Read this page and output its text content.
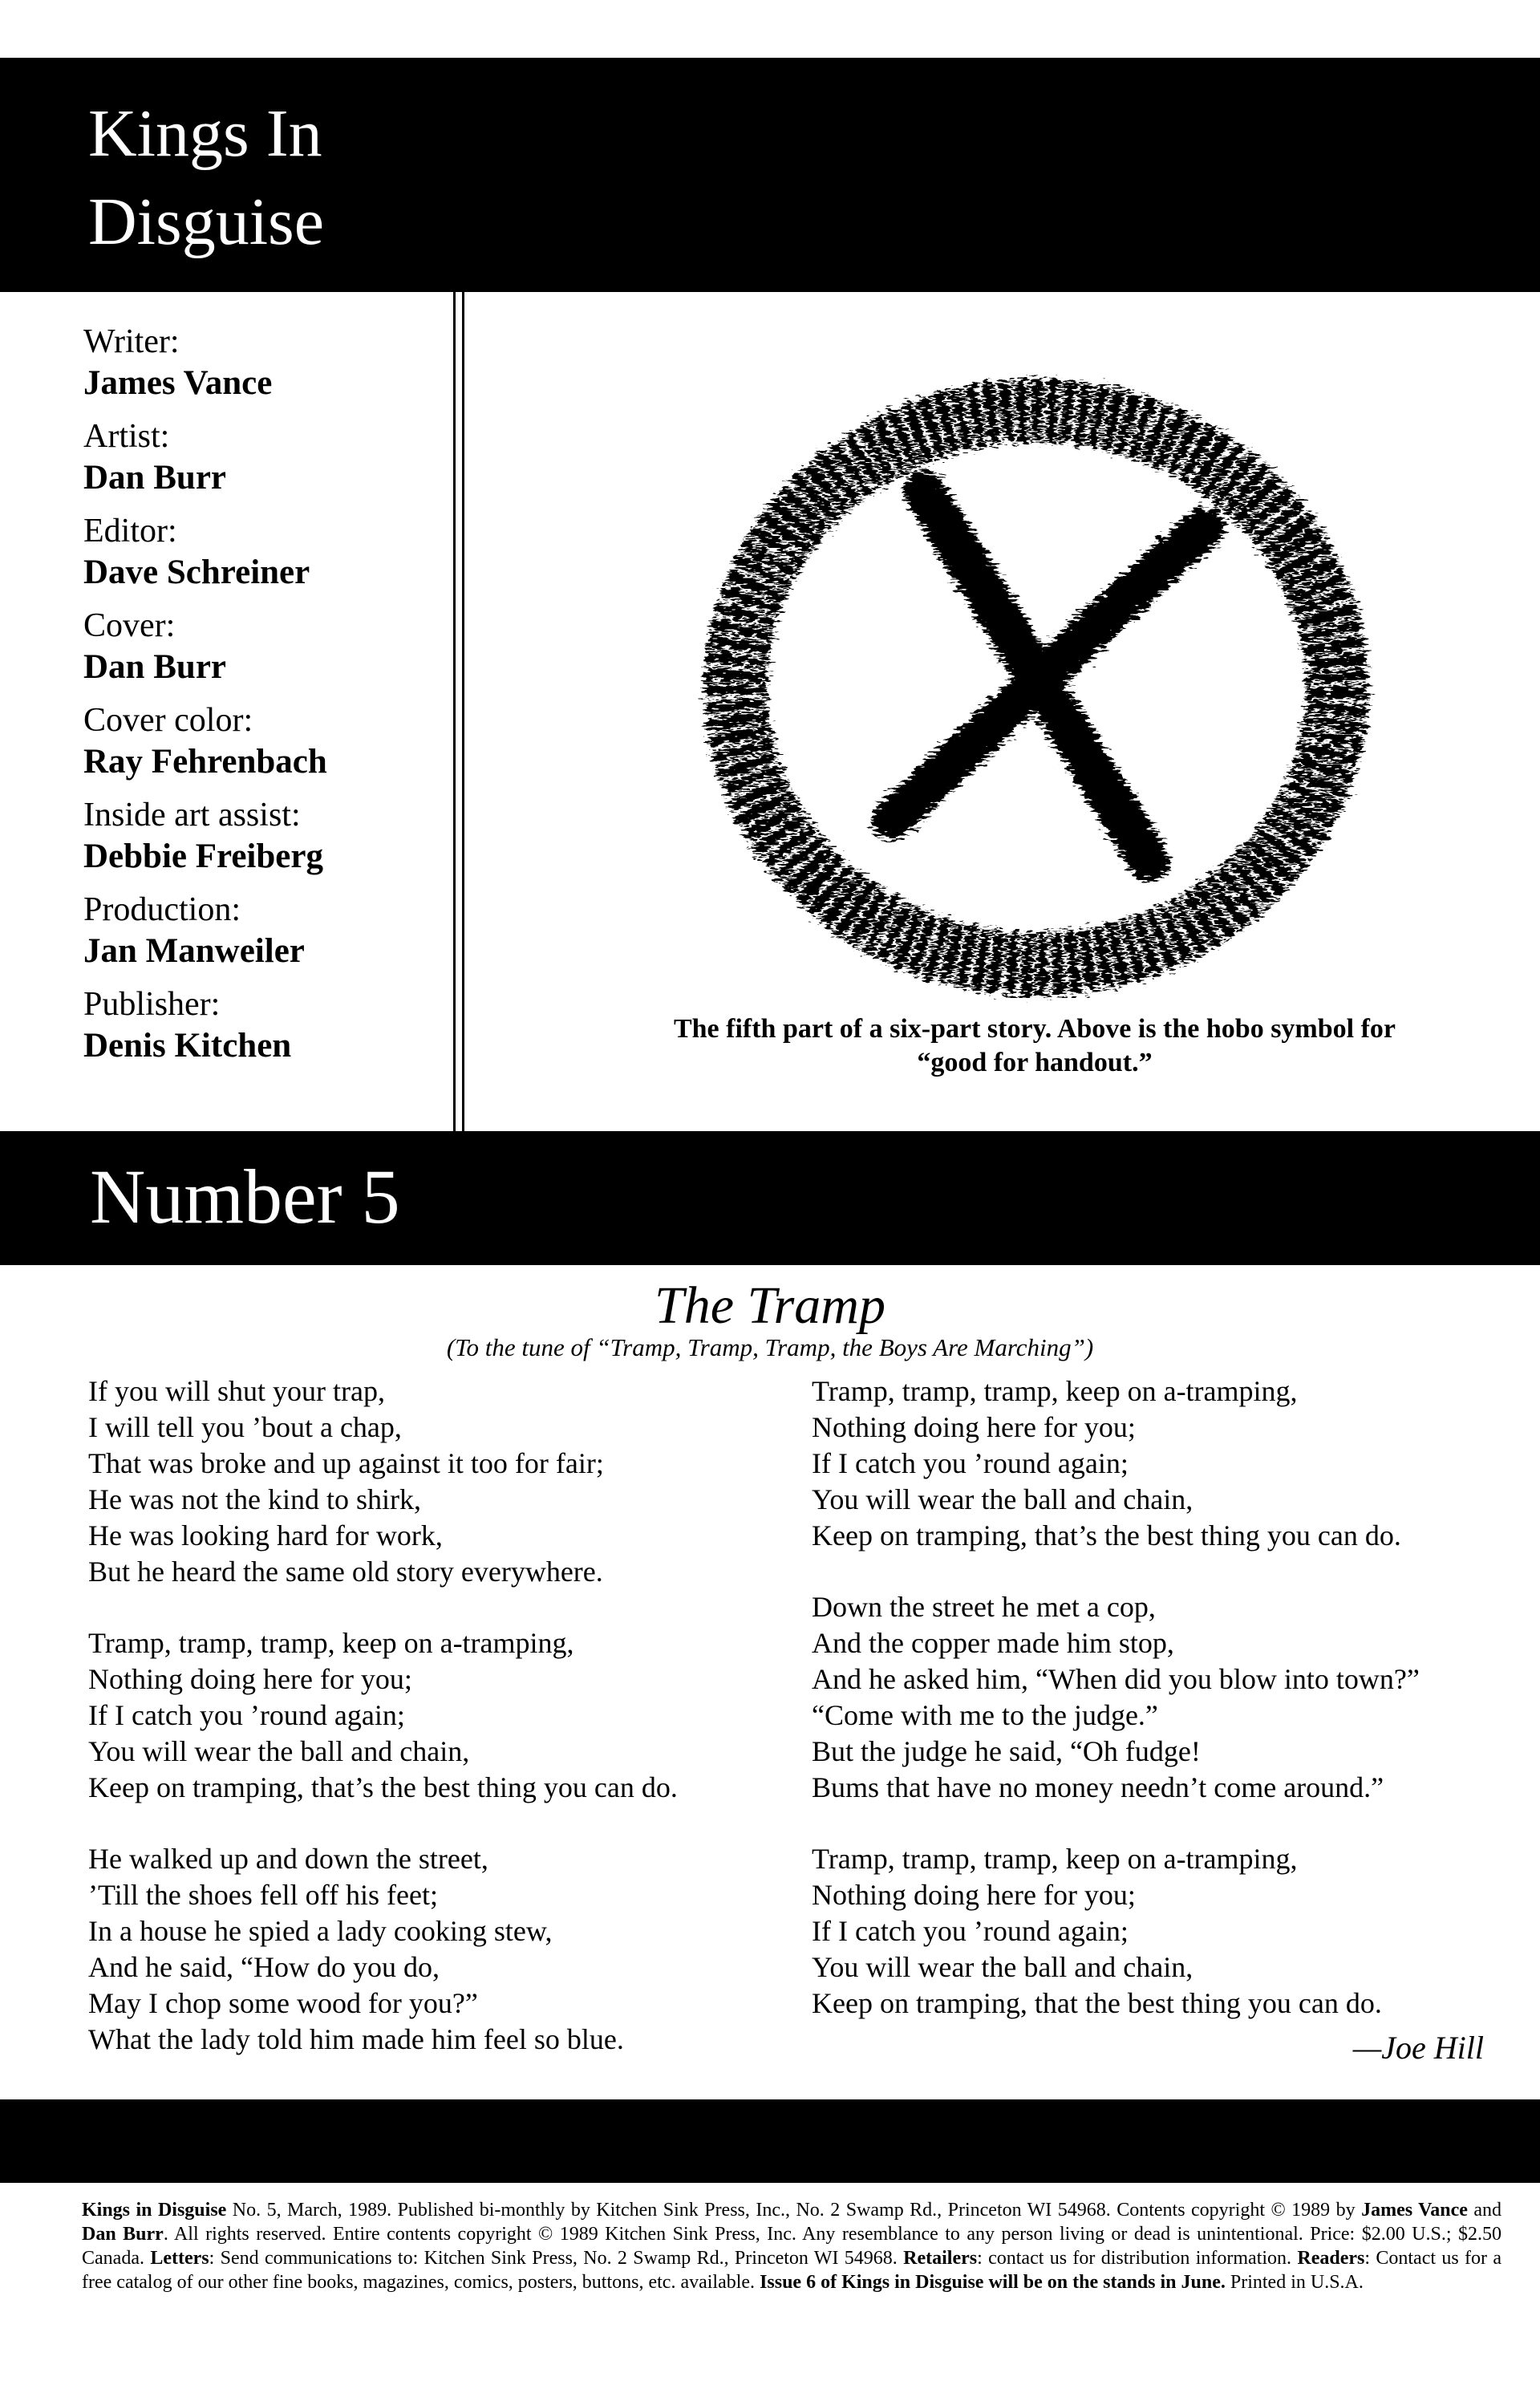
Kings In
Disguise
Writer:
James Vance
Artist:
Dan Burr
Editor:
Dave Schreiner
Cover:
Dan Burr
Cover color:
Ray Fehrenbach
Inside art assist:
Debbie Freiberg
Production:
Jan Manweiler
Publisher:
Denis Kitchen	The fifth part of a six-part story. Above is the hobo symbol for
“good for handout.”
Number 5
The Tramp
(To the tune of “Tramp, Tramp, Tramp, the Boys Are Marching”)
If you will shut your trap,
I will tell you ’bout a chap,
That was broke and up against it too for fair;
He was not the kind to shirk,
He was looking hard for work,
But he heard the same old story everywhere.
Tramp, tramp, tramp, keep on a-tramping,
Nothing doing here for you;
If I catch you ’round again;
You will wear the ball and chain,
Keep on tramping, that’s the best thing you can do.
He walked up and down the street,
’Till the shoes fell off his feet;
In a house he spied a lady cooking stew,
And he said, “How do you do,
May I chop some wood for you?”
What the lady told him made him feel so blue.
Tramp, tramp, tramp, keep on a-tramping,
Nothing doing here for you;
If I catch you ’round again;
You will wear the ball and chain,
Keep on tramping, that’s the best thing you can do.
Down the street he met a cop,
And the copper made him stop,
And he asked him, “When did you blow into town?”
“Come with me to the judge.”
But the judge he said, “Oh fudge!
Bums that have no money needn’t come around.”
Tramp, tramp, tramp, keep on a-tramping,
Nothing doing here for you;
If I catch you ’round again;
You will wear the ball and chain,
Keep on tramping, that the best thing you can do.
—Joe Hill
Kings in Disguise No. 5, March, 1989. Published bi-monthly by Kitchen Sink Press, Inc., No. 2 Swamp Rd., Princeton WI 54968. Contents copyright © 1989 by James Vance and Dan Burr. All rights reserved. Entire contents copyright © 1989 Kitchen Sink Press, Inc. Any resemblance to any person living or dead is unintentional. Price: $2.00 U.S.; $2.50 Canada. Letters: Send communications to: Kitchen Sink Press, No. 2 Swamp Rd., Princeton WI 54968. Retailers: contact us for distribution information. Readers: Contact us for a free catalog of our other fine books, magazines, comics, posters, buttons, etc. available. Issue 6 of Kings in Disguise will be on the stands in June. Printed in U.S.A.
